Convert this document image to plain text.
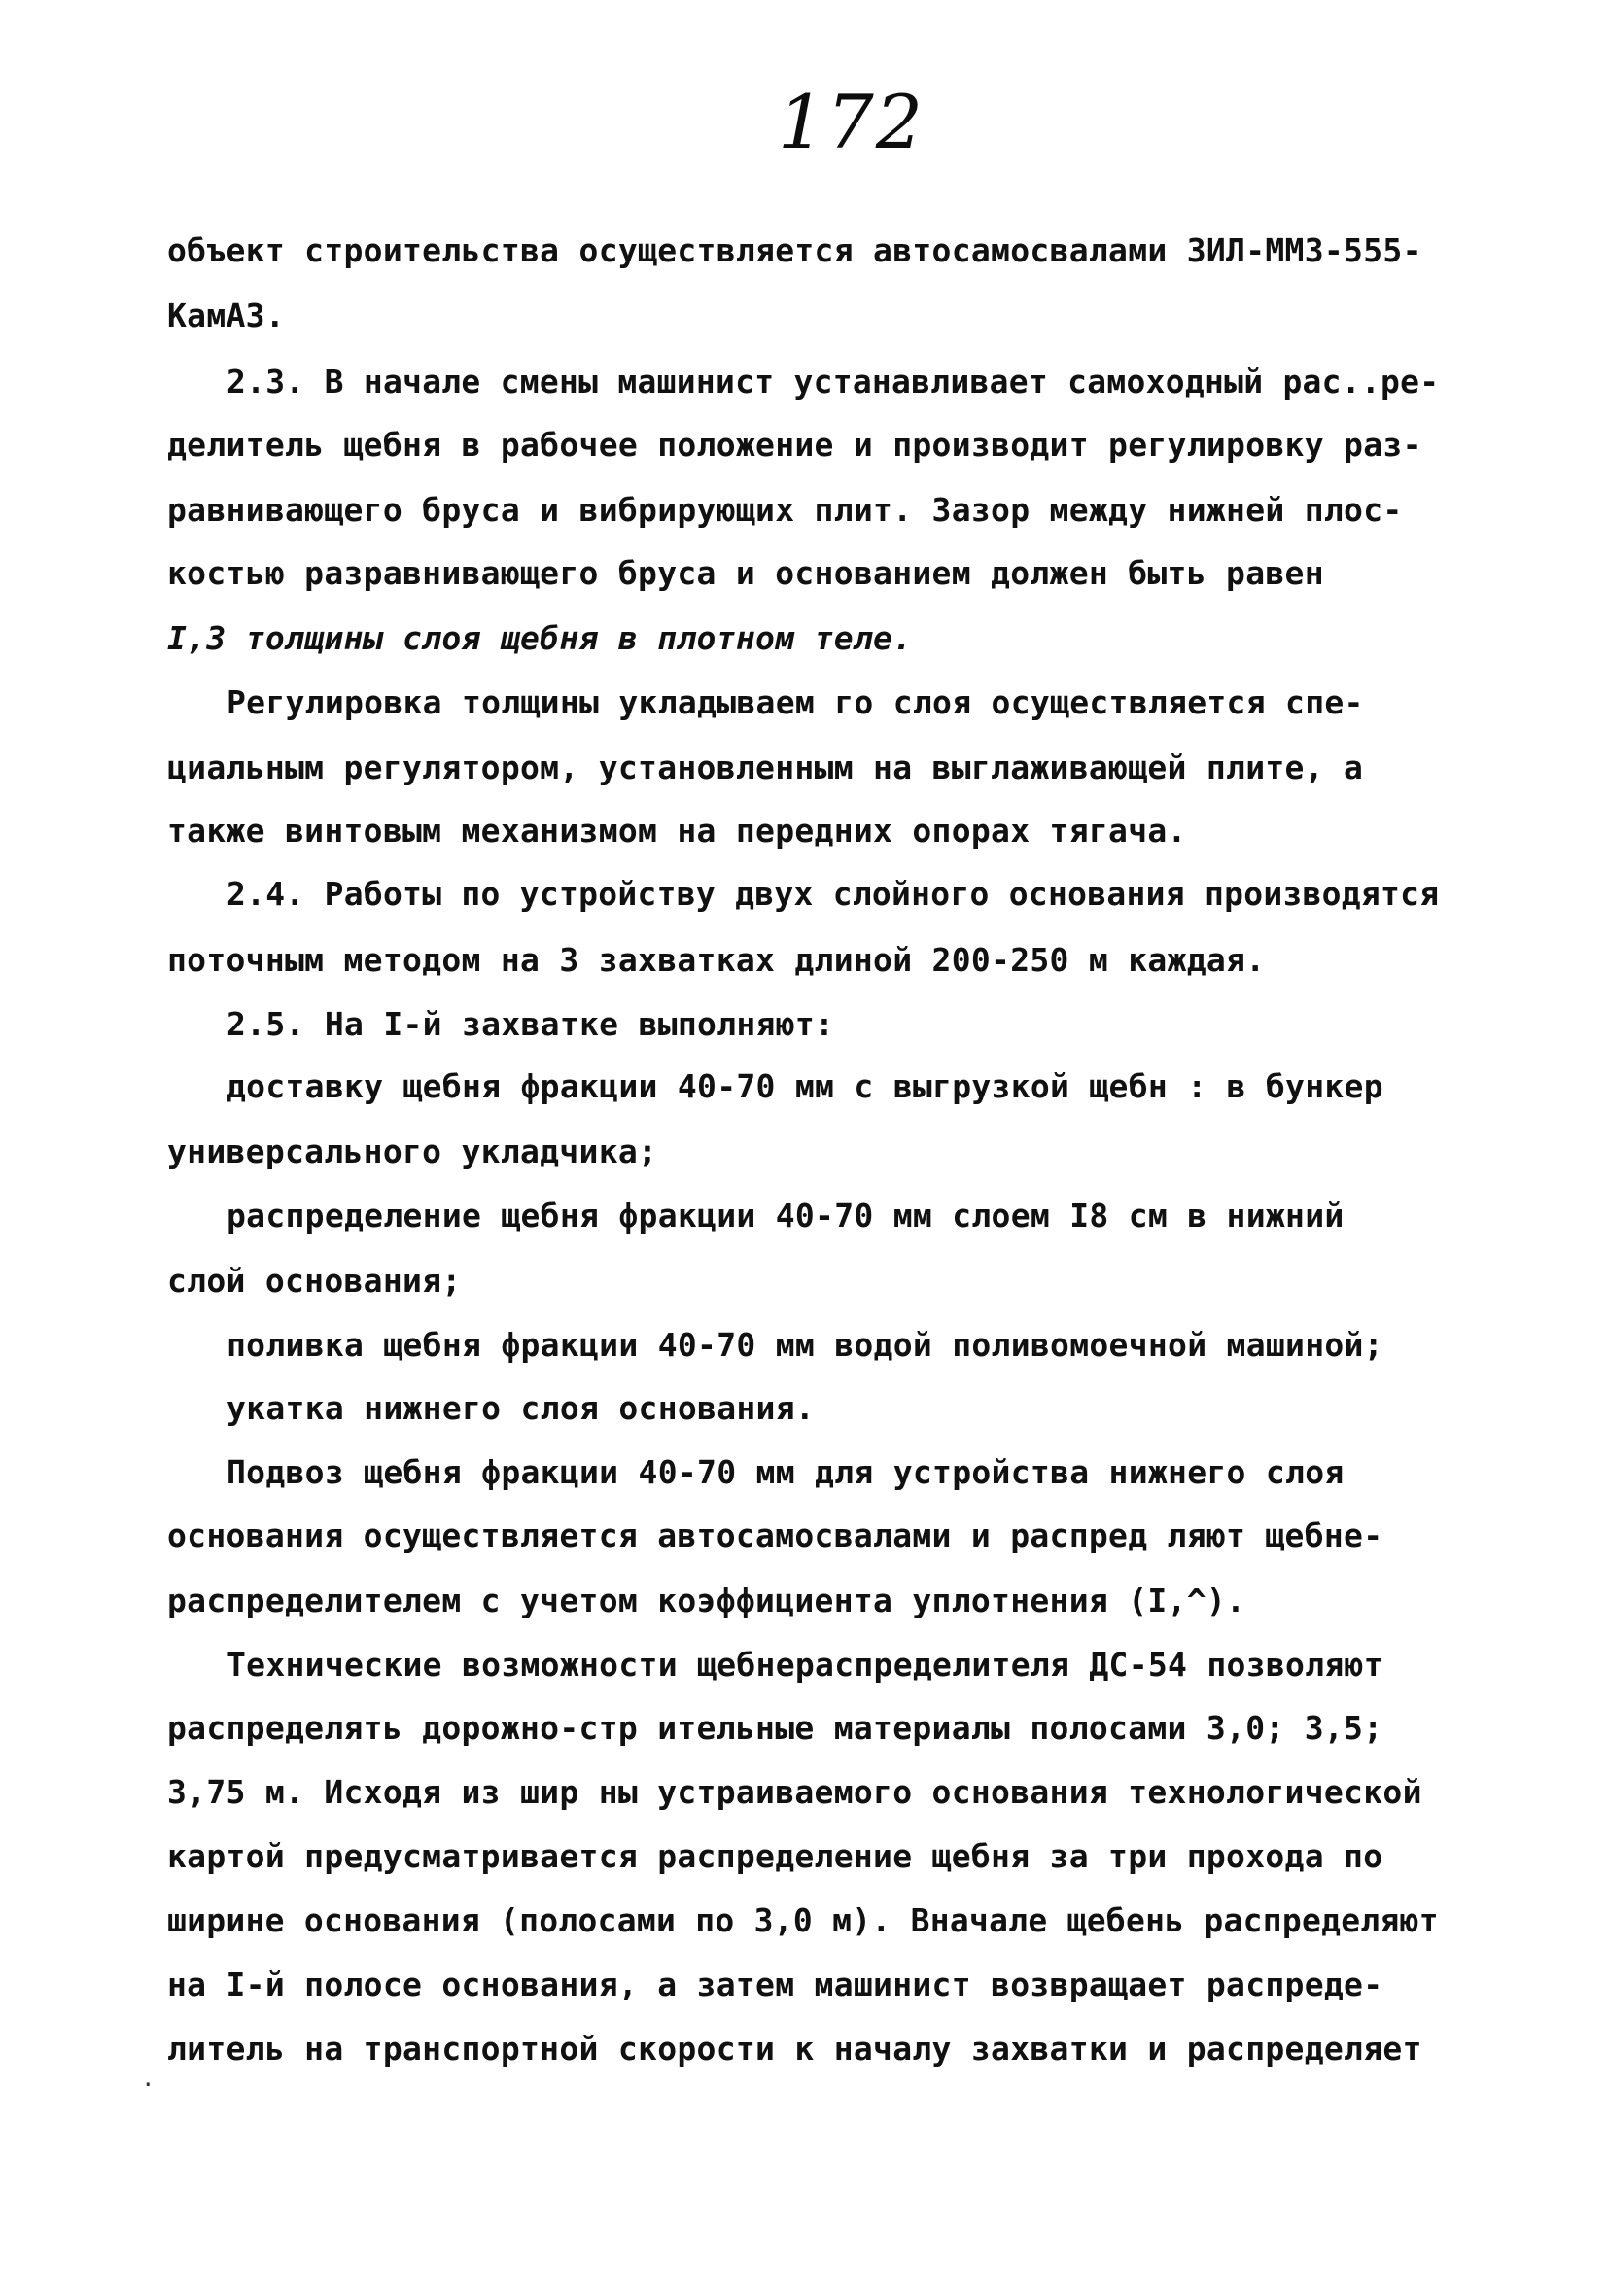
172
объект строительства осуществляется автосамосвалами ЗИЛ-ММЗ-555-
КамАЗ.
2.3. В начале смены машинист устанавливает самоходный рас..ре-
делитель щебня в рабочее положение и производит регулировку раз-
равнивающего бруса и вибрирующих плит. Зазор между нижней плос-
костью разравнивающего бруса и основанием должен быть равен
I,3 толщины слоя щебня в плотном теле.
Регулировка толщины укладываем го слоя осуществляется спе-
циальным регулятором, установленным на выглаживающей плите, а
также винтовым механизмом на передних опорах тягача.
2.4. Работы по устройству двух слойного основания производятся
поточным методом на 3 захватках длиной 200-250 м каждая.
2.5. На I-й захватке выполняют:
доставку щебня фракции 40-70 мм с выгрузкой щебн : в бункер
универсального укладчика;
распределение щебня фракции 40-70 мм слоем I8 см в нижний
слой основания;
поливка щебня фракции 40-70 мм водой поливомоечной машиной;
укатка нижнего слоя основания.
Подвоз щебня фракции 40-70 мм для устройства нижнего слоя
основания осуществляется автосамосвалами и распред ляют щебне-
распределителем с учетом коэффициента уплотнения (I,^).
Технические возможности щебнераспределителя ДС-54 позволяют
распределять дорожно-стр ительные материалы полосами 3,0; 3,5;
3,75 м. Исходя из шир ны устраиваемого основания технологической
картой предусматривается распределение щебня за три прохода по
ширине основания (полосами по 3,0 м). Вначале щебень распределяют
на I-й полосе основания, а затем машинист возвращает распреде-
литель на транспортной скорости к началу захватки и распределяет
.
